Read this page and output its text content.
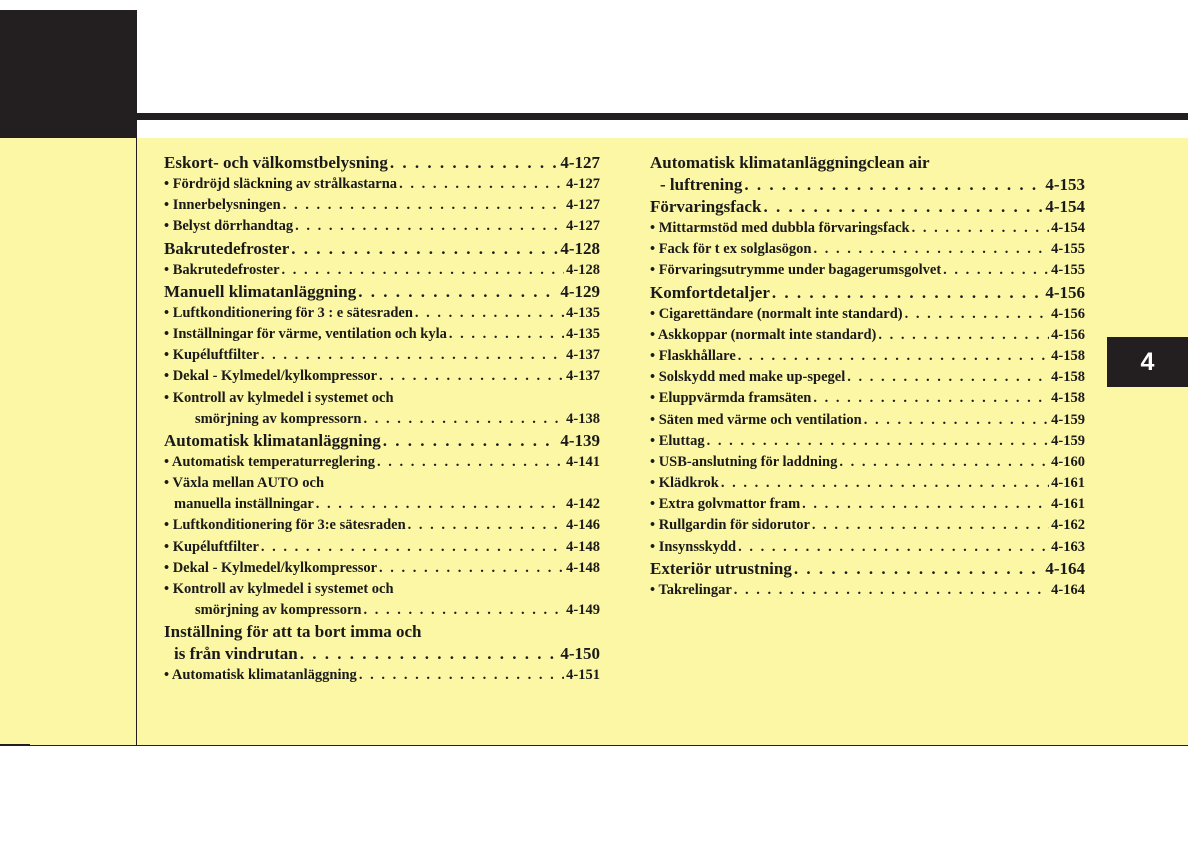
4
Eskort- och välkomstbelysning . . .	4-127
• Fördröjd släckning av strålkastarna . . .	4-127
• Innerbelysningen . . .	4-127
• Belyst dörrhandtag . . .	4-127
Bakrutedefroster . . .	4-128
• Bakrutedefroster . . .	4-128
Manuell klimatanläggning . . .	4-129
• Luftkonditionering för 3 : e sätesraden . . .	4-135
• Inställningar för värme, ventilation och kyla . . .	4-135
• Kupéluftfilter . . .	4-137
• Dekal - Kylmedel/kylkompressor . . .	4-137
• Kontroll av kylmedel i systemet och
smörjning av kompressorn . . .	4-138
Automatisk klimatanläggning . . .	4-139
• Automatisk temperaturreglering . . .	4-141
• Växla mellan AUTO och
manuella inställningar . . .	4-142
• Luftkonditionering för 3:e sätesraden . . .	4-146
• Kupéluftfilter . . .	4-148
• Dekal - Kylmedel/kylkompressor . . .	4-148
• Kontroll av kylmedel i systemet och
smörjning av kompressorn . . .	4-149
Inställning för att ta bort imma och
is från vindrutan . . .	4-150
• Automatisk klimatanläggning . . .	4-151
Automatisk klimatanläggningclean air
- luftrening . . .	4-153
Förvaringsfack . . .	4-154
• Mittarmstöd med dubbla förvaringsfack . . .	4-154
• Fack för t ex solglasögon . . .	4-155
• Förvaringsutrymme under bagagerumsgolvet . . .	4-155
Komfortdetaljer . . .	4-156
• Cigarettändare (normalt inte standard) . . .	4-156
• Askkoppar (normalt inte standard) . . .	4-156
• Flaskhållare . . .	4-158
• Solskydd med make up-spegel . . .	4-158
• Eluppvärmda framsäten . . .	4-158
• Säten med värme och ventilation . . .	4-159
• Eluttag . . .	4-159
• USB-anslutning för laddning . . .	4-160
• Klädkrok . . .	4-161
• Extra golvmattor fram . . .	4-161
• Rullgardin för sidorutor . . .	4-162
• Insynsskydd . . .	4-163
Exteriör utrustning . . .	4-164
• Takrelingar . . .	4-164
